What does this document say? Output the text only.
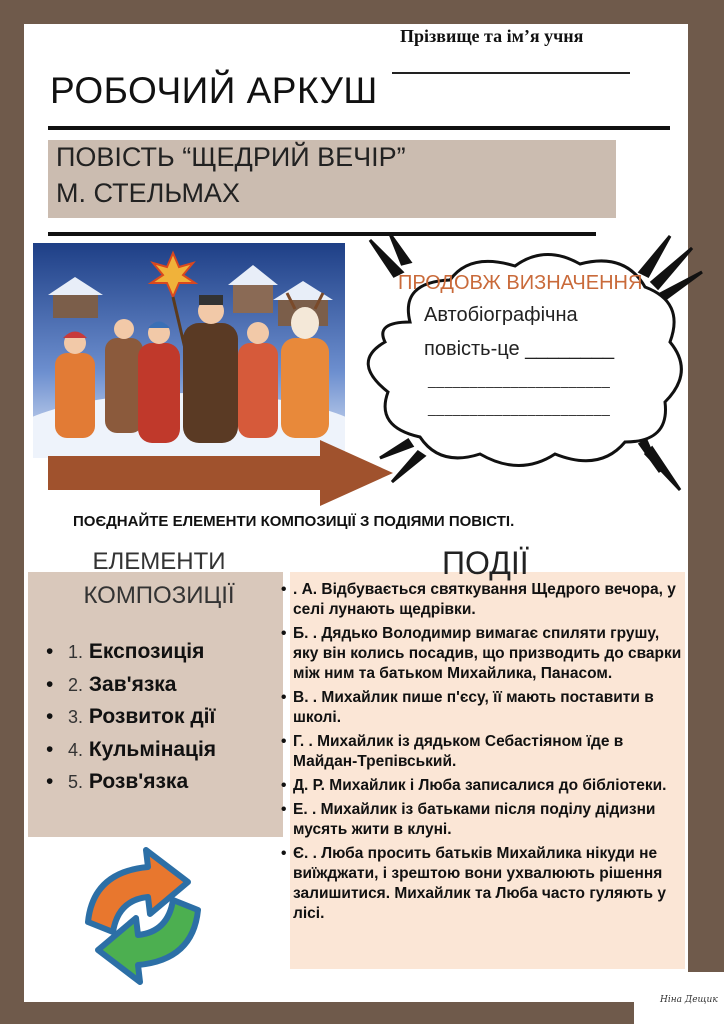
Прізвище та ім’я учня
РОБОЧИЙ АРКУШ
ПОВІСТЬ “ЩЕДРИЙ ВЕЧІР”
М. СТЕЛЬМАХ
ПРОДОВЖ ВИЗНАЧЕННЯ
Автобіографічна
повість-це ________
______________________
______________________
ПОЄДНАЙТЕ ЕЛЕМЕНТИ КОМПОЗИЦІЇ З ПОДІЯМИ ПОВІСТІ.
ЕЛЕМЕНТИ
КОМПОЗИЦІЇ
ПОДІЇ
• 1. Експозиція
• 2. Зав'язка
• 3. Розвиток дії
• 4. Кульмінація
• 5. Розв'язка
• . А. Відбувається святкування Щедрого вечора, у селі лунають щедрівки.
• Б. . Дядько Володимир вимагає спиляти грушу, яку він колись посадив, що призводить до сварки між ним та батьком Михайлика, Панасом.
• В. . Михайлик пише п'єсу, її мають поставити в школі.
• Г. . Михайлик із дядьком Себастіяном їде в Майдан-Трепівський.
• Д. Р. Михайлик і Люба записалися до бібліотеки.
• Е. . Михайлик із батьками після поділу дідизни мусять жити в клуні.
• Є. . Люба просить батьків Михайлика нікуди не виїжджати, і зрештою вони ухвалюють рішення залишитися. Михайлик та Люба часто гуляють у лісі.
Ніна Дещик
